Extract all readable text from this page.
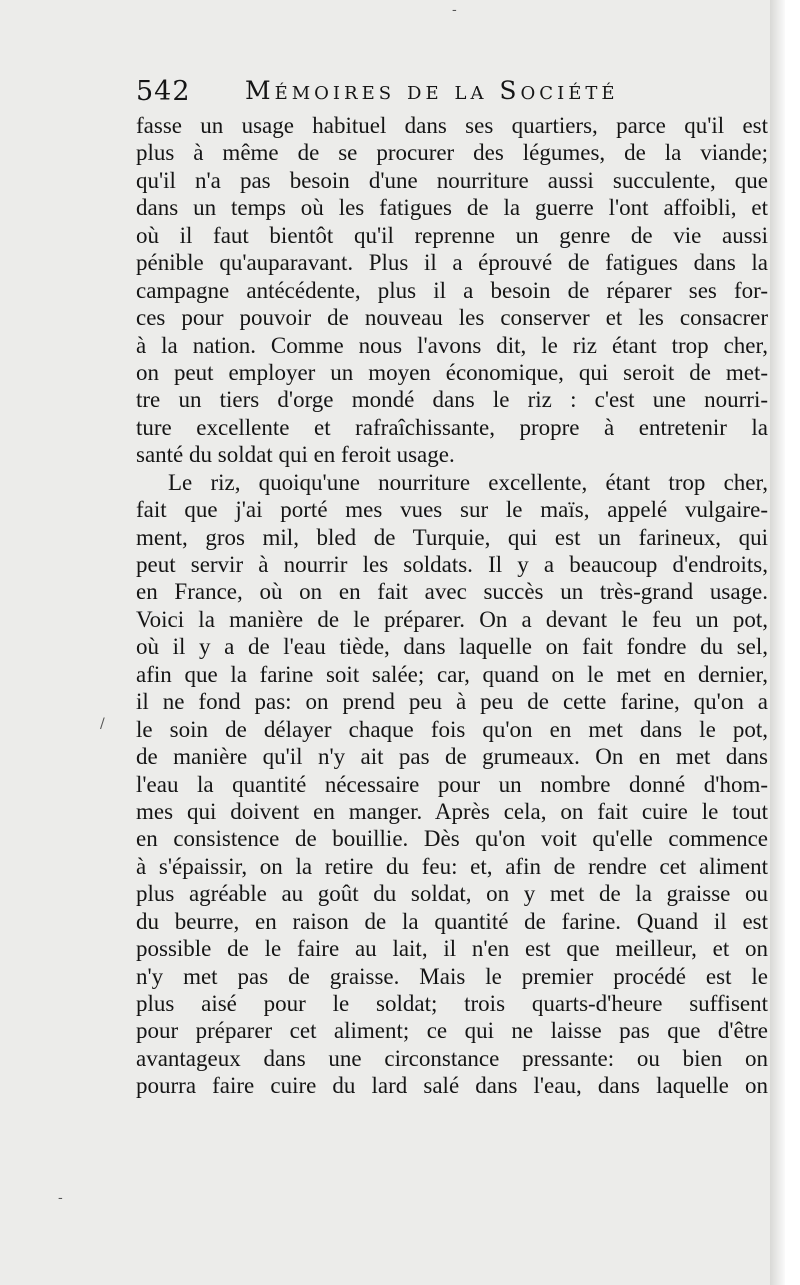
-
/
-
542 Mémoires de la Société
fasse un usage habituel dans ses quartiers, parce qu'il est
plus à même de se procurer des légumes, de la viande;
qu'il n'a pas besoin d'une nourriture aussi succulente, que
dans un temps où les fatigues de la guerre l'ont affoibli, et
où il faut bientôt qu'il reprenne un genre de vie aussi
pénible qu'auparavant. Plus il a éprouvé de fatigues dans la
campagne antécédente, plus il a besoin de réparer ses for-
ces pour pouvoir de nouveau les conserver et les consacrer
à la nation. Comme nous l'avons dit, le riz étant trop cher,
on peut employer un moyen économique, qui seroit de met-
tre un tiers d'orge mondé dans le riz : c'est une nourri-
ture excellente et rafraîchissante, propre à entretenir la
santé du soldat qui en feroit usage.
Le riz, quoiqu'une nourriture excellente, étant trop cher,
fait que j'ai porté mes vues sur le maïs, appelé vulgaire-
ment, gros mil, bled de Turquie, qui est un farineux, qui
peut servir à nourrir les soldats. Il y a beaucoup d'endroits,
en France, où on en fait avec succès un très-grand usage.
Voici la manière de le préparer. On a devant le feu un pot,
où il y a de l'eau tiède, dans laquelle on fait fondre du sel,
afin que la farine soit salée; car, quand on le met en dernier,
il ne fond pas: on prend peu à peu de cette farine, qu'on a
le soin de délayer chaque fois qu'on en met dans le pot,
de manière qu'il n'y ait pas de grumeaux. On en met dans
l'eau la quantité nécessaire pour un nombre donné d'hom-
mes qui doivent en manger. Après cela, on fait cuire le tout
en consistence de bouillie. Dès qu'on voit qu'elle commence
à s'épaissir, on la retire du feu: et, afin de rendre cet aliment
plus agréable au goût du soldat, on y met de la graisse ou
du beurre, en raison de la quantité de farine. Quand il est
possible de le faire au lait, il n'en est que meilleur, et on
n'y met pas de graisse. Mais le premier procédé est le
plus aisé pour le soldat; trois quarts-d'heure suffisent
pour préparer cet aliment; ce qui ne laisse pas que d'être
avantageux dans une circonstance pressante: ou bien on
pourra faire cuire du lard salé dans l'eau, dans laquelle on
